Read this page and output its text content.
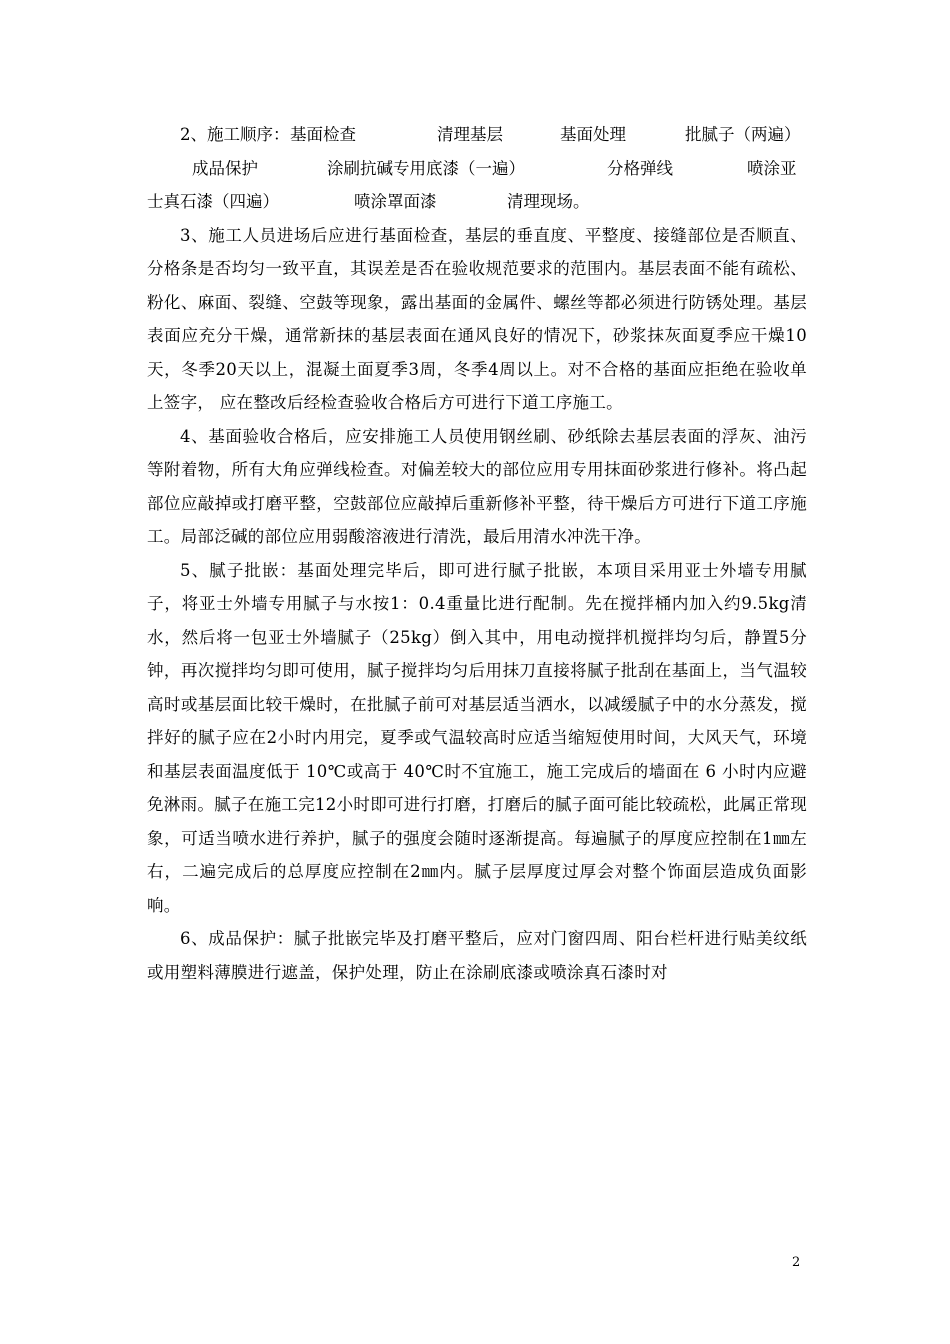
2、施工顺序： 基面检查	清理基层	基面处理	批腻子（两遍）
成品保护	涂刷抗碱专用底漆（一遍）	分格弹线	喷涂亚
士真石漆（四遍）	喷涂罩面漆	清理现场。

3、施工人员进场后应进行基面检查，基层的垂直度、平整度、接缝部位是否顺直、分格条是否均匀一致平直，其误差是否在验收规范要求的范围内。基层表面不能有疏松、粉化、麻面、裂缝、空鼓等现象，露出基面的金属件、螺丝等都必须进行防锈处理。基层表面应充分干燥，通常新抹的基层表面在通风良好的情况下，砂浆抹灰面夏季应干燥10天，冬季20天以上，混凝土面夏季3周，冬季4周以上。对不合格的基面应拒绝在验收单上签字， 应在整改后经检查验收合格后方可进行下道工序施工。

4、基面验收合格后，应安排施工人员使用钢丝刷、砂纸除去基层表面的浮灰、油污等附着物，所有大角应弹线检查。对偏差较大的部位应用专用抹面砂浆进行修补。将凸起部位应敲掉或打磨平整，空鼓部位应敲掉后重新修补平整，待干燥后方可进行下道工序施工。局部泛碱的部位应用弱酸溶液进行清洗，最后用清水冲洗干净。

5、腻子批嵌：基面处理完毕后，即可进行腻子批嵌，本项目采用亚士外墙专用腻子，将亚士外墙专用腻子与水按1：0.4重量比进行配制。先在搅拌桶内加入约9.5kg清水，然后将一包亚士外墙腻子（25kg）倒入其中，用电动搅拌机搅拌均匀后，静置5分钟，再次搅拌均匀即可使用，腻子搅拌均匀后用抹刀直接将腻子批刮在基面上，当气温较高时或基层面比较干燥时，在批腻子前可对基层适当洒水，以减缓腻子中的水分蒸发，搅拌好的腻子应在2小时内用完，夏季或气温较高时应适当缩短使用时间，大风天气，环境和基层表面温度低于 10℃或高于 40℃时不宜施工，施工完成后的墙面在 6 小时内应避免淋雨。腻子在施工完12小时即可进行打磨，打磨后的腻子面可能比较疏松，此属正常现象，可适当喷水进行养护，腻子的强度会随时逐渐提高。每遍腻子的厚度应控制在1㎜左右，二遍完成后的总厚度应控制在2㎜内。腻子层厚度过厚会对整个饰面层造成负面影响。

6、成品保护：腻子批嵌完毕及打磨平整后，应对门窗四周、阳台栏杆进行贴美纹纸或用塑料薄膜进行遮盖，保护处理，防止在涂刷底漆或喷涂真石漆时对

2
